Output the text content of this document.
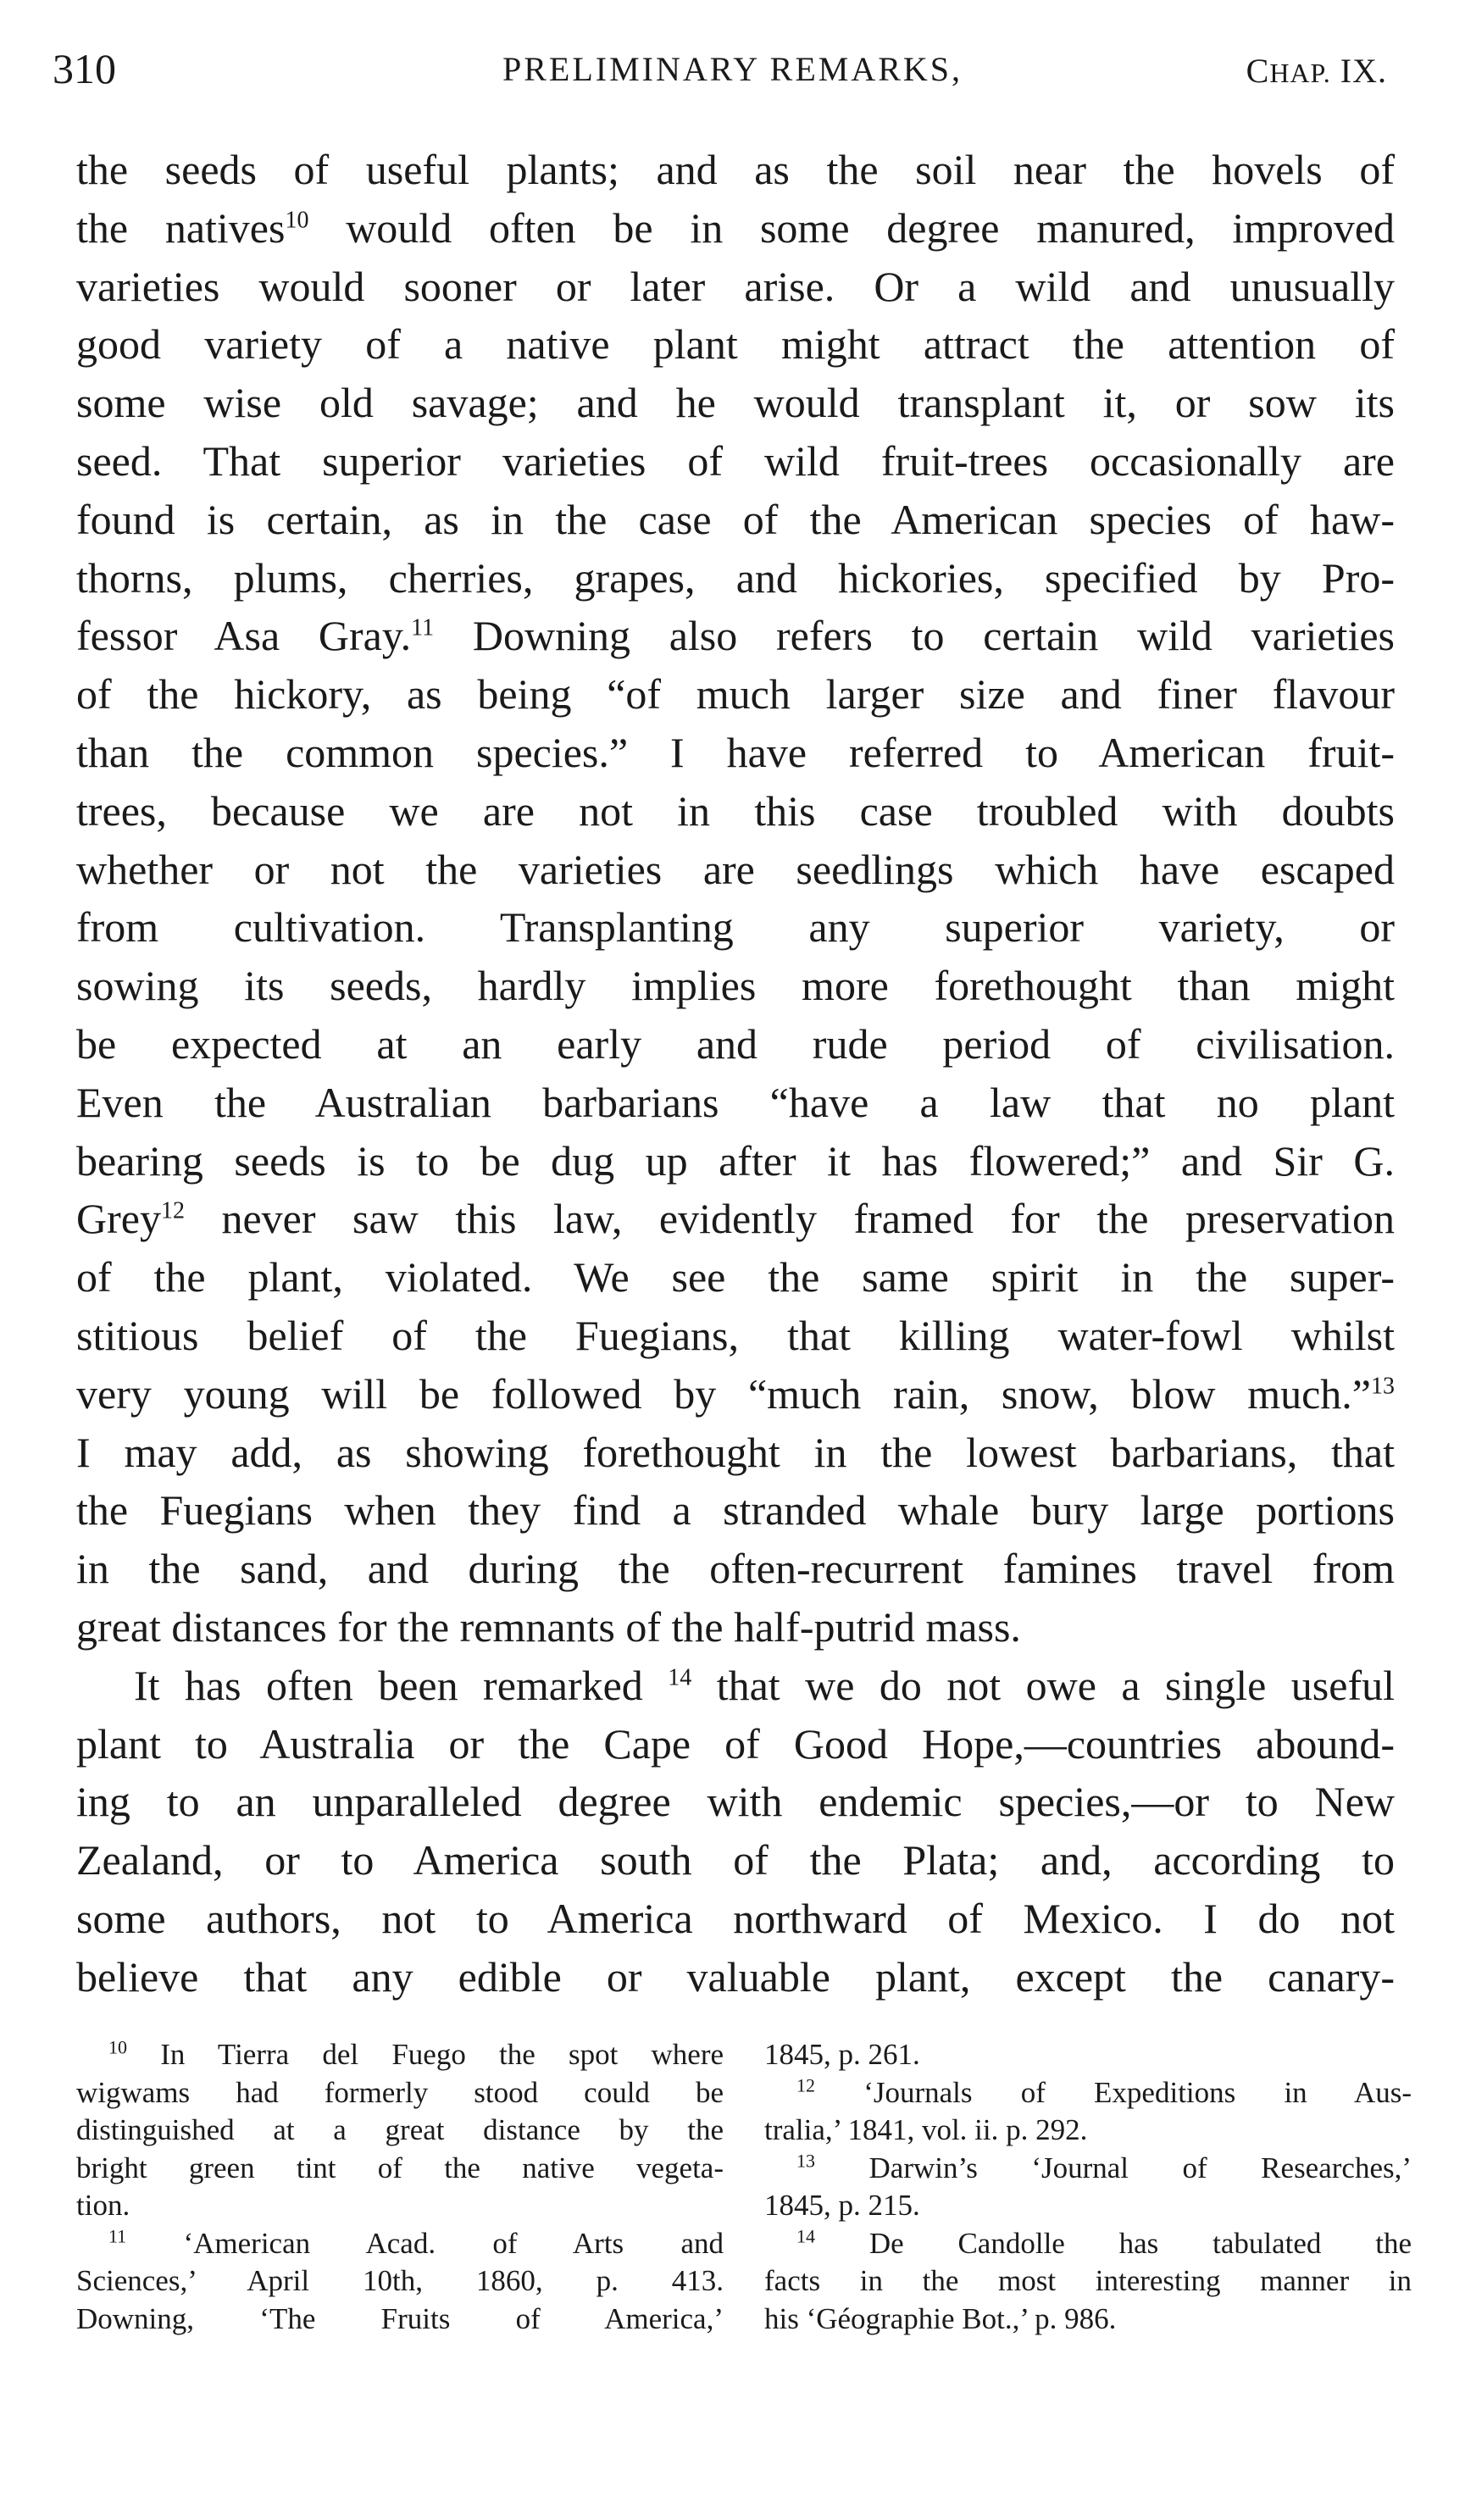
310	PRELIMINARY REMARKS,	CHAP. IX.
the seeds of useful plants; and as the soil near the hovels of
the natives$^{10}$ would often be in some degree manured, improved
varieties would sooner or later arise. Or a wild and unusually
good variety of a native plant might attract the attention of
some wise old savage; and he would transplant it, or sow its
seed. That superior varieties of wild fruit-trees occasionally are
found is certain, as in the case of the American species of haw-
thorns, plums, cherries, grapes, and hickories, specified by Pro-
fessor Asa Gray.$^{11}$ Downing also refers to certain wild varieties
of the hickory, as being “of much larger size and finer flavour
than the common species.” I have referred to American fruit-
trees, because we are not in this case troubled with doubts
whether or not the varieties are seedlings which have escaped
from cultivation. Transplanting any superior variety, or
sowing its seeds, hardly implies more forethought than might
be expected at an early and rude period of civilisation.
Even the Australian barbarians “have a law that no plant
bearing seeds is to be dug up after it has flowered;” and Sir G.
Grey$^{12}$ never saw this law, evidently framed for the preservation
of the plant, violated. We see the same spirit in the super-
stitious belief of the Fuegians, that killing water-fowl whilst
very young will be followed by “much rain, snow, blow much.”$^{13}$
I may add, as showing forethought in the lowest barbarians, that
the Fuegians when they find a stranded whale bury large portions
in the sand, and during the often-recurrent famines travel from
great distances for the remnants of the half-putrid mass.
It has often been remarked $^{14}$ that we do not owe a single useful
plant to Australia or the Cape of Good Hope,—countries abound-
ing to an unparalleled degree with endemic species,—or to New
Zealand, or to America south of the Plata; and, according to
some authors, not to America northward of Mexico. I do not
believe that any edible or valuable plant, except the canary-
$^{10}$ In Tierra del Fuego the spot where
wigwams had formerly stood could be
distinguished at a great distance by the
bright green tint of the native vegeta-
tion.
$^{11}$ ‘American Acad. of Arts and
Sciences,’ April 10th, 1860, p. 413.
Downing, ‘The Fruits of America,’
1845, p. 261.
$^{12}$ ‘Journals of Expeditions in Aus-
tralia,’ 1841, vol. ii. p. 292.
$^{13}$ Darwin’s ‘Journal of Researches,’
1845, p. 215.
$^{14}$ De Candolle has tabulated the
facts in the most interesting manner in
his ‘Géographie Bot.,’ p. 986.
